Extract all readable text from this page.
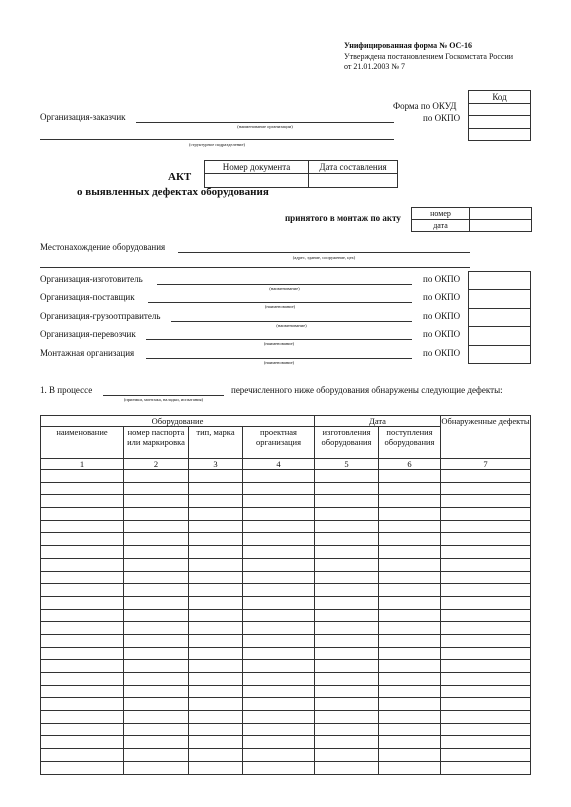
Унифицированная форма № ОС-16
Утверждена постановлением Госкомстата России
от 21.01.2003 № 7
Код

Форма по ОКУД
по ОКПО
Организация-заказчик
(наименование организации)
(структурное подразделение)
Номер документа	Дата составления

АКТ
о выявленных дефектах оборудования
принятого в монтаж по акту	номер	
дата	
Местонахождение оборудования
(адрес, здание, сооружение, цех)
Организация-изготовитель
(наименование)
по ОКПО
Организация-поставщик
(наименование)
по ОКПО
Организация-грузоотправитель
(наименование)
по ОКПО
Организация-перевозчик
(наименование)
по ОКПО
Монтажная организация
(наименование)
по ОКПО

1. В процессе
(приемки, монтажа, наладки, испытания)
перечисленного ниже оборудования обнаружены следующие дефекты:
Оборудование				Дата		Обнаруженные дефекты
наименование	номер паспорта или маркировка	тип, марка	проектная организация	изготовления оборудования	поступления оборудования	
1	2	3	4	5	6	7
